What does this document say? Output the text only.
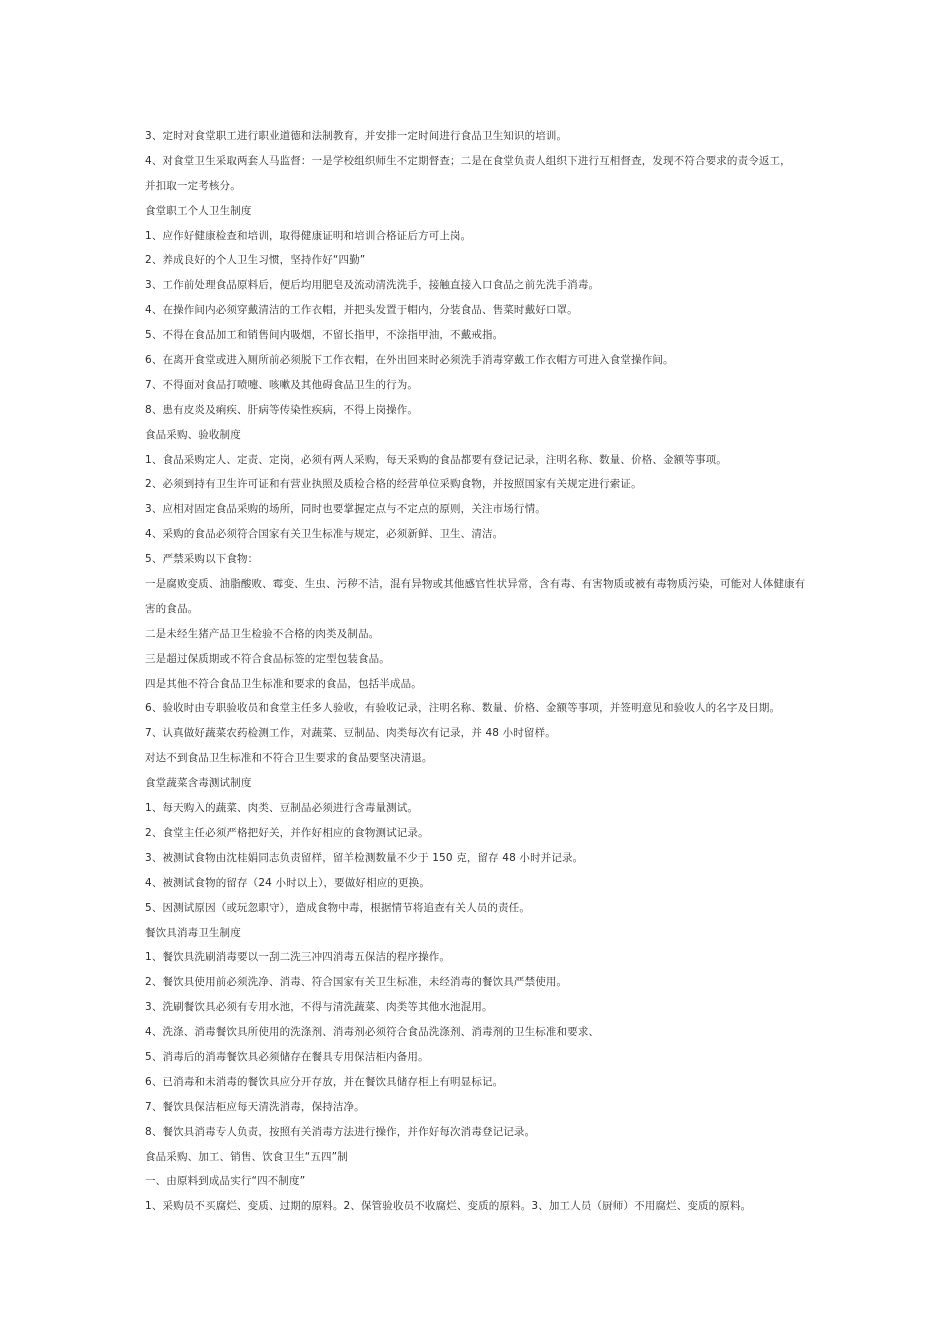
3、定时对食堂职工进行职业道德和法制教育，并安排一定时间进行食品卫生知识的培训。
4、对食堂卫生采取两套人马监督：一是学校组织师生不定期督查；二是在食堂负责人组织下进行互相督查，发现不符合要求的责令返工，
并扣取一定考核分。
食堂职工个人卫生制度
1、应作好健康检查和培训，取得健康证明和培训合格证后方可上岗。
2、养成良好的个人卫生习惯，坚持作好“四勤”
3、工作前处理食品原料后，便后均用肥皂及流动清洗洗手，接触直接入口食品之前先洗手消毒。
4、在操作间内必须穿戴清洁的工作衣帽，并把头发置于帽内，分装食品、售菜时戴好口罩。
5、不得在食品加工和销售间内吸烟，不留长指甲，不涂指甲油，不戴戒指。
6、在离开食堂或进入厕所前必须脱下工作衣帽，在外出回来时必须洗手消毒穿戴工作衣帽方可进入食堂操作间。
7、不得面对食品打喷嚏、咳嗽及其他碍食品卫生的行为。
8、患有皮炎及痢疾、肝病等传染性疾病，不得上岗操作。
食品采购、验收制度
1、食品采购定人、定责、定岗，必须有两人采购，每天采购的食品都要有登记记录，注明名称、数量、价格、金额等事项。
2、必须到持有卫生许可证和有营业执照及质检合格的经营单位采购食物，并按照国家有关规定进行索证。
3、应相对固定食品采购的场所，同时也要掌握定点与不定点的原则，关注市场行情。
4、采购的食品必须符合国家有关卫生标准与规定，必须新鲜、卫生、清洁。
5、严禁采购以下食物：
一是腐败变质、油脂酸败、霉变、生虫、污秽不洁，混有异物或其他感官性状异常，含有毒、有害物质或被有毒物质污染，可能对人体健康有
害的食品。
二是未经生猪产品卫生检验不合格的肉类及制品。
三是超过保质期或不符合食品标签的定型包装食品。
四是其他不符合食品卫生标准和要求的食品，包括半成品。
6、验收时由专职验收员和食堂主任多人验收，有验收记录，注明名称、数量、价格、金额等事项，并签明意见和验收人的名字及日期。
7、认真做好蔬菜农药检测工作，对蔬菜、豆制品、肉类每次有记录，并 48 小时留样。
对达不到食品卫生标准和不符合卫生要求的食品要坚决清退。
食堂蔬菜含毒测试制度
1、每天购入的蔬菜、肉类、豆制品必须进行含毒量测试。
2、食堂主任必须严格把好关，并作好相应的食物测试记录。
3、被测试食物由沈桂娟同志负责留样，留羊检测数量不少于 150 克，留存 48 小时并记录。
4、被测试食物的留存（24 小时以上），要做好相应的更换。
5、因测试原因（或玩忽职守），造成食物中毒，根据情节将追查有关人员的责任。
餐饮具消毒卫生制度
1、餐饮具洗刷消毒要以一刮二洗三冲四消毒五保洁的程序操作。
2、餐饮具使用前必须洗净、消毒、符合国家有关卫生标准，未经消毒的餐饮具严禁使用。
3、洗刷餐饮具必须有专用水池，不得与清洗蔬菜、肉类等其他水池混用。
4、洗涤、消毒餐饮具所使用的洗涤剂、消毒剂必须符合食品洗涤剂、消毒剂的卫生标准和要求、
5、消毒后的消毒餐饮具必须储存在餐具专用保洁柜内备用。
6、已消毒和未消毒的餐饮具应分开存放，并在餐饮具储存柜上有明显标记。
7、餐饮具保洁柜应每天清洗消毒，保持洁净。
8、餐饮具消毒专人负责，按照有关消毒方法进行操作，并作好每次消毒登记记录。
食品采购、加工、销售、饮食卫生“五四”制
一、由原料到成品实行“四不制度”
1、采购员不买腐烂、变质、过期的原料。2、保管验收员不收腐烂、变质的原料。3、加工人员（厨师）不用腐烂、变质的原料。
